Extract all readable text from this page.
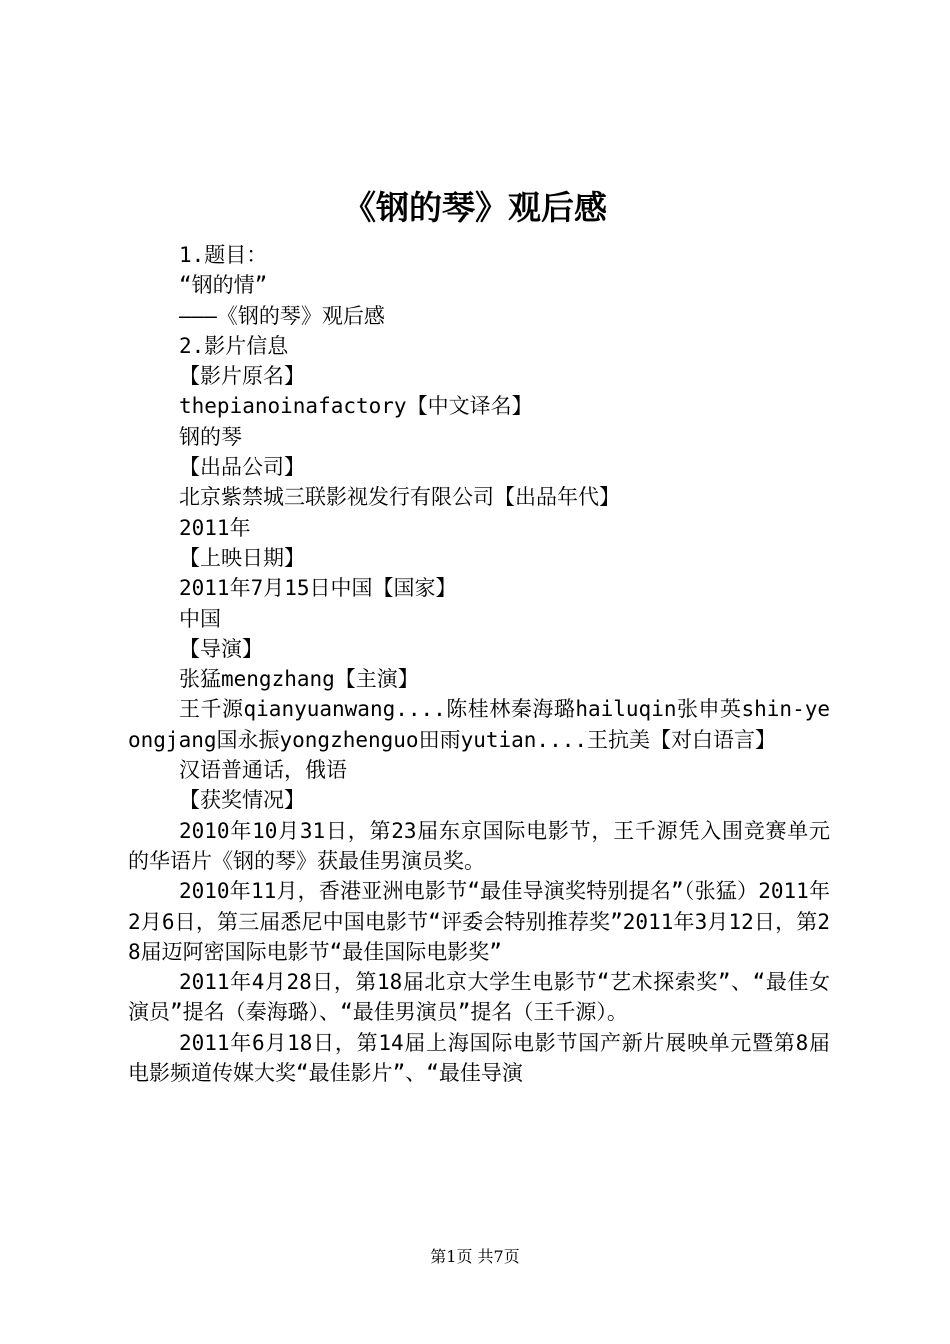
《钢的琴》观后感
1.题目：
“钢的情”
———《钢的琴》观后感
2.影片信息
【影片原名】
thepianoinafactory【中文译名】
钢的琴
【出品公司】
北京紫禁城三联影视发行有限公司【出品年代】
2011年
【上映日期】
2011年7月15日中国【国家】
中国
【导演】
张猛mengzhang【主演】
王千源qianyuanwang....陈桂林秦海璐hailuqin张申英shin-yeongjang国永振yongzhenguo田雨yutian....王抗美【对白语言】
汉语普通话，俄语
【获奖情况】
2010年10月31日，第23届东京国际电影节，王千源凭入围竞赛单元的华语片《钢的琴》获最佳男演员奖。
2010年11月，香港亚洲电影节“最佳导演奖特别提名”（张猛）2011年2月6日，第三届悉尼中国电影节“评委会特别推荐奖”2011年3月12日，第28届迈阿密国际电影节“最佳国际电影奖”
2011年4月28日，第18届北京大学生电影节“艺术探索奖”、“最佳女演员”提名（秦海璐）、“最佳男演员”提名（王千源）。
2011年6月18日，第14届上海国际电影节国产新片展映单元暨第8届电影频道传媒大奖“最佳影片”、“最佳导演
第1页 共7页
